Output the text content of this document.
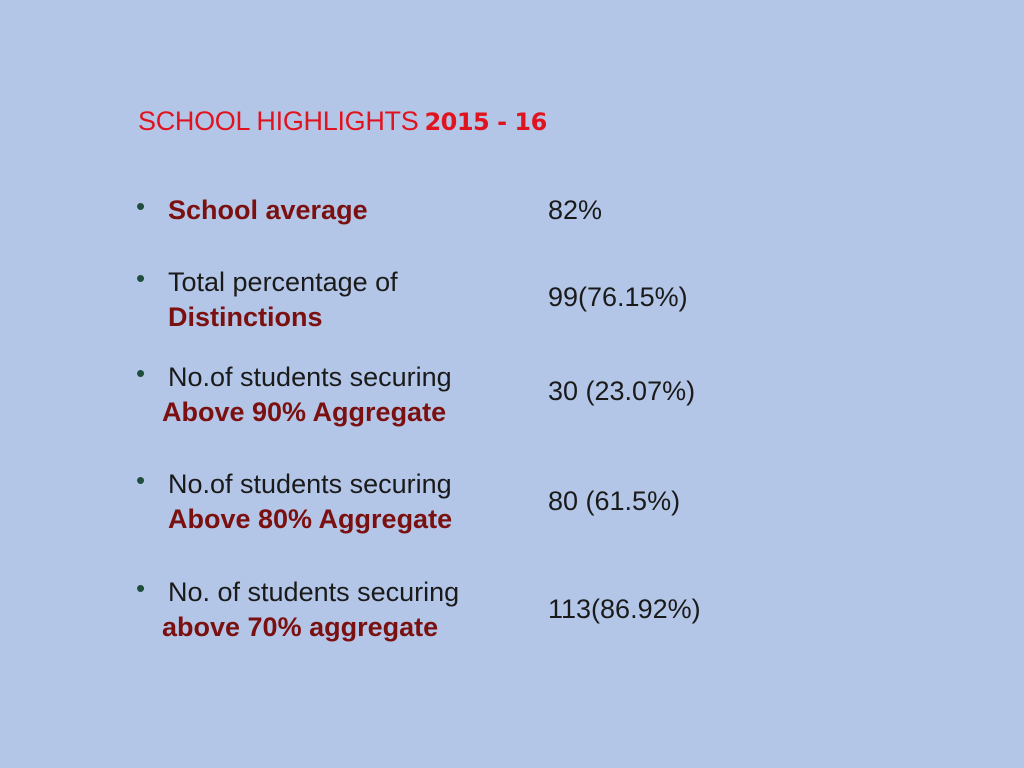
SCHOOL HIGHLIGHTS 2015 - 16
• School average	82%
• Total percentage of
Distinctions
99(76.15%)
• No.of students securing
Above 90% Aggregate
30 (23.07%)
• No.of students securing
Above 80% Aggregate
80 (61.5%)
• No. of students securing
above 70% aggregate
113(86.92%)
